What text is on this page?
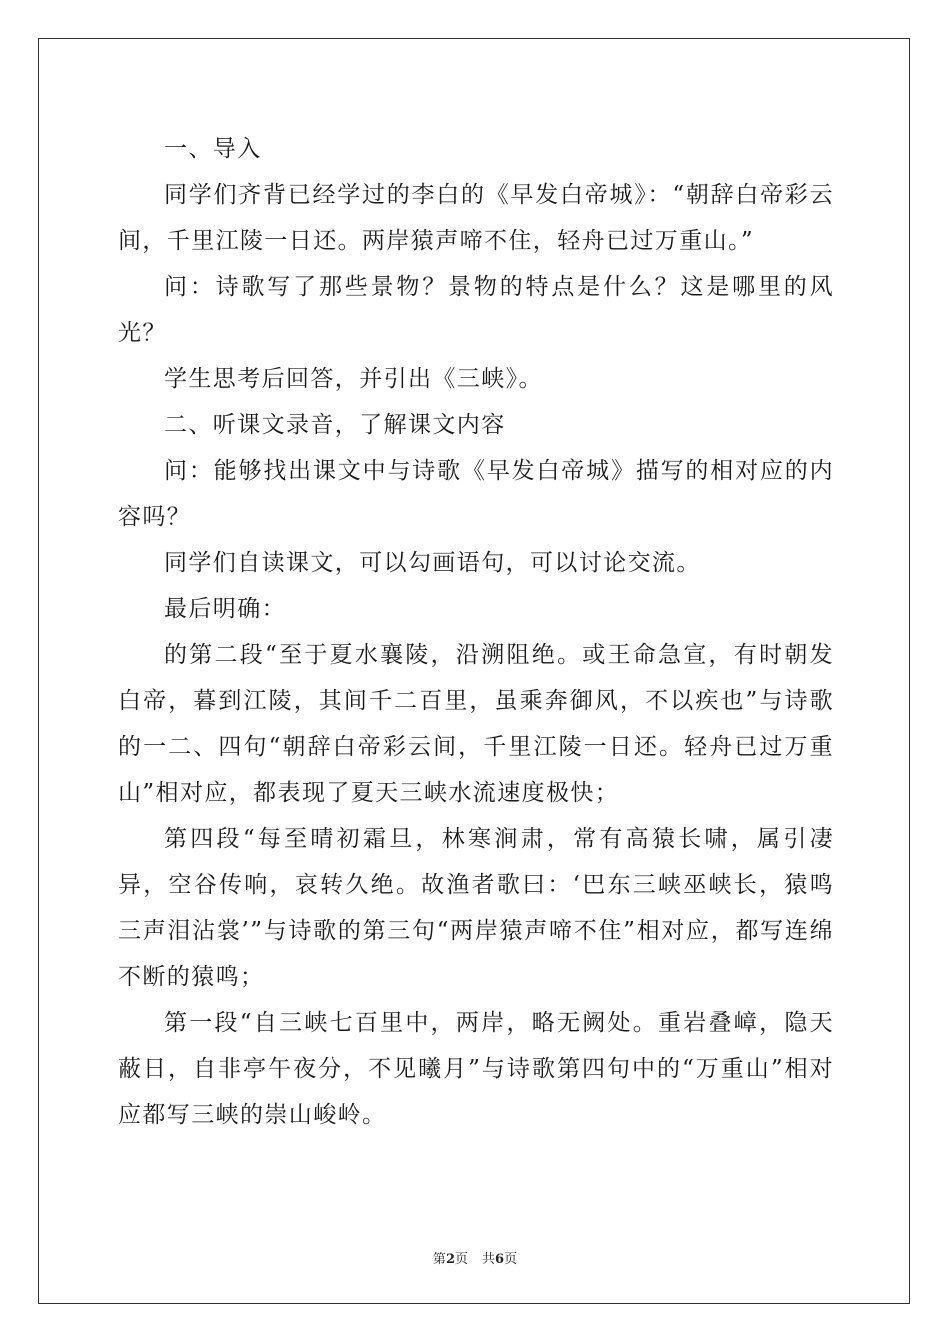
一、导入

同学们齐背已经学过的李白的《早发白帝城》：“朝辞白帝彩云间，千里江陵一日还。两岸猿声啼不住，轻舟已过万重山。”

问：诗歌写了那些景物？景物的特点是什么？这是哪里的风光？

学生思考后回答，并引出《三峡》。

二、听课文录音，了解课文内容

问：能够找出课文中与诗歌《早发白帝城》描写的相对应的内容吗？

同学们自读课文，可以勾画语句，可以讨论交流。

最后明确：

的第二段“至于夏水襄陵，沿溯阻绝。或王命急宣，有时朝发白帝，暮到江陵，其间千二百里，虽乘奔御风，不以疾也”与诗歌的一二、四句“朝辞白帝彩云间，千里江陵一日还。轻舟已过万重山”相对应，都表现了夏天三峡水流速度极快；

第四段“每至晴初霜旦，林寒涧肃，常有高猿长啸，属引凄异，空谷传响，哀转久绝。故渔者歌曰：‘巴东三峡巫峡长，猿鸣三声泪沾裳’”与诗歌的第三句“两岸猿声啼不住”相对应，都写连绵不断的猿鸣；

第一段“自三峡七百里中，两岸，略无阙处。重岩叠嶂，隐天蔽日，自非亭午夜分，不见曦月”与诗歌第四句中的“万重山”相对应都写三峡的崇山峻岭。

第2页 共6页
